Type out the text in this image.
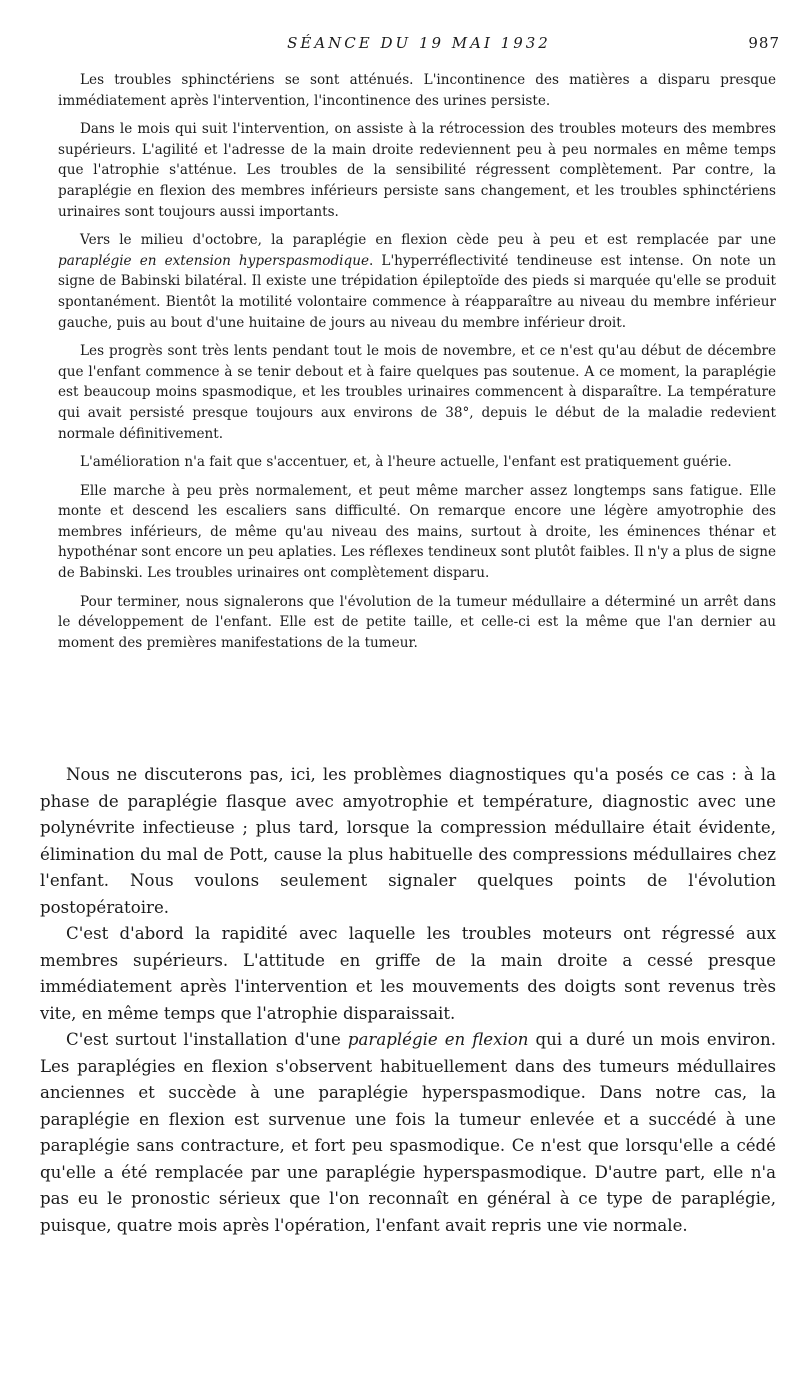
SÉANCE DU 19 MAI 1932	987

Les troubles sphinctériens se sont atténués. L'incontinence des matières a disparu presque immédiatement après l'intervention, l'incontinence des urines persiste.

Dans le mois qui suit l'intervention, on assiste à la rétrocession des troubles moteurs des membres supérieurs. L'agilité et l'adresse de la main droite redeviennent peu à peu normales en même temps que l'atrophie s'atténue. Les troubles de la sensibilité régressent complètement. Par contre, la paraplégie en flexion des membres inférieurs persiste sans changement, et les troubles sphinctériens urinaires sont toujours aussi importants.

Vers le milieu d'octobre, la paraplégie en flexion cède peu à peu et est remplacée par une paraplégie en extension hyperspasmodique. L'hyperréflectivité tendineuse est intense. On note un signe de Babinski bilatéral. Il existe une trépidation épileptoïde des pieds si marquée qu'elle se produit spontanément. Bientôt la motilité volontaire commence à réapparaître au niveau du membre inférieur gauche, puis au bout d'une huitaine de jours au niveau du membre inférieur droit.

Les progrès sont très lents pendant tout le mois de novembre, et ce n'est qu'au début de décembre que l'enfant commence à se tenir debout et à faire quelques pas soutenue. A ce moment, la paraplégie est beaucoup moins spasmodique, et les troubles urinaires commencent à disparaître. La température qui avait persisté presque toujours aux environs de 38°, depuis le début de la maladie redevient normale définitivement.

L'amélioration n'a fait que s'accentuer, et, à l'heure actuelle, l'enfant est pratiquement guérie.

Elle marche à peu près normalement, et peut même marcher assez longtemps sans fatigue. Elle monte et descend les escaliers sans difficulté. On remarque encore une légère amyotrophie des membres inférieurs, de même qu'au niveau des mains, surtout à droite, les éminences thénar et hypothénar sont encore un peu aplaties. Les réflexes tendineux sont plutôt faibles. Il n'y a plus de signe de Babinski. Les troubles urinaires ont complètement disparu.

Pour terminer, nous signalerons que l'évolution de la tumeur médullaire a déterminé un arrêt dans le développement de l'enfant. Elle est de petite taille, et celle-ci est la même que l'an dernier au moment des premières manifestations de la tumeur.

Nous ne discuterons pas, ici, les problèmes diagnostiques qu'a posés ce cas : à la phase de paraplégie flasque avec amyotrophie et température, diagnostic avec une polynévrite infectieuse ; plus tard, lorsque la compression médullaire était évidente, élimination du mal de Pott, cause la plus habituelle des compressions médullaires chez l'enfant. Nous voulons seulement signaler quelques points de l'évolution postopératoire.

C'est d'abord la rapidité avec laquelle les troubles moteurs ont régressé aux membres supérieurs. L'attitude en griffe de la main droite a cessé presque immédiatement après l'intervention et les mouvements des doigts sont revenus très vite, en même temps que l'atrophie disparaissait.

C'est surtout l'installation d'une paraplégie en flexion qui a duré un mois environ. Les paraplégies en flexion s'observent habituellement dans des tumeurs médullaires anciennes et succède à une paraplégie hyperspasmodique. Dans notre cas, la paraplégie en flexion est survenue une fois la tumeur enlevée et a succédé à une paraplégie sans contracture, et fort peu spasmodique. Ce n'est que lorsqu'elle a cédé qu'elle a été remplacée par une paraplégie hyperspasmodique. D'autre part, elle n'a pas eu le pronostic sérieux que l'on reconnaît en général à ce type de paraplégie, puisque, quatre mois après l'opération, l'enfant avait repris une vie normale.
